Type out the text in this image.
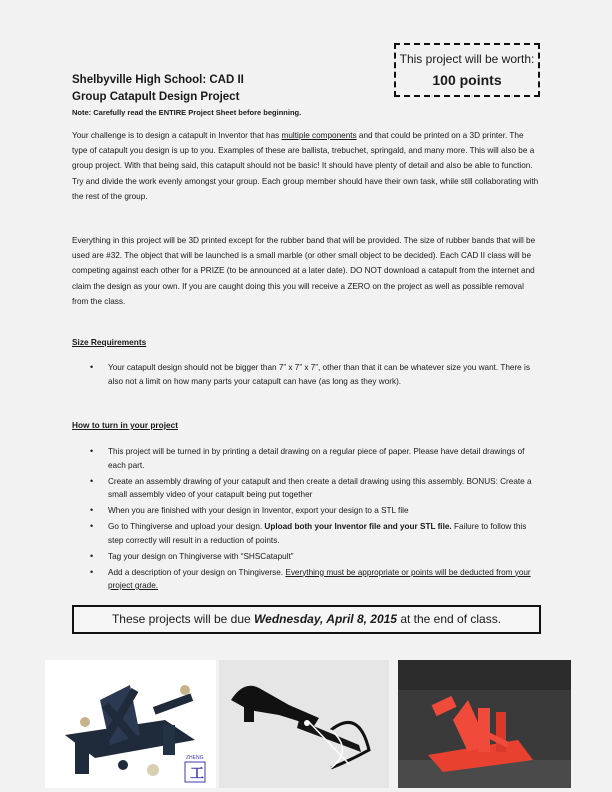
This project will be worth:
100 points
Shelbyville High School: CAD II
Group Catapult Design Project
Note: Carefully read the ENTIRE Project Sheet before beginning.

Your challenge is to design a catapult in Inventor that has multiple components and that could be printed on a 3D printer. The type of catapult you design is up to you. Examples of these are ballista, trebuchet, springald, and many more. This will also be a group project. With that being said, this catapult should not be basic! It should have plenty of detail and also be able to function. Try and divide the work evenly amongst your group. Each group member should have their own task, while still collaborating with the rest of the group.

Everything in this project will be 3D printed except for the rubber band that will be provided. The size of rubber bands that will be used are #32. The object that will be launched is a small marble (or other small object to be decided). Each CAD II class will be competing against each other for a PRIZE (to be announced at a later date). DO NOT download a catapult from the internet and claim the design as your own. If you are caught doing this you will receive a ZERO on the project as well as possible removal from the class.

Size Requirements
• Your catapult design should not be bigger than 7” x 7” x 7”, other than that it can be whatever size you want. There is also not a limit on how many parts your catapult can have (as long as they work).
How to turn in your project
• This project will be turned in by printing a detail drawing on a regular piece of paper. Please have detail drawings of each part.
• Create an assembly drawing of your catapult and then create a detail drawing using this assembly. BONUS: Create a small assembly video of your catapult being put together
• When you are finished with your design in Inventor, export your design to a STL file
• Go to Thingiverse and upload your design. Upload both your Inventor file and your STL file. Failure to follow this step correctly will result in a reduction of points.
• Tag your design on Thingiverse with “SHSCatapult”
• Add a description of your design on Thingiverse. Everything must be appropriate or points will be deducted from your project grade.
These projects will be due Wednesday, April 8, 2015 at the end of class.
ZHENG
工
